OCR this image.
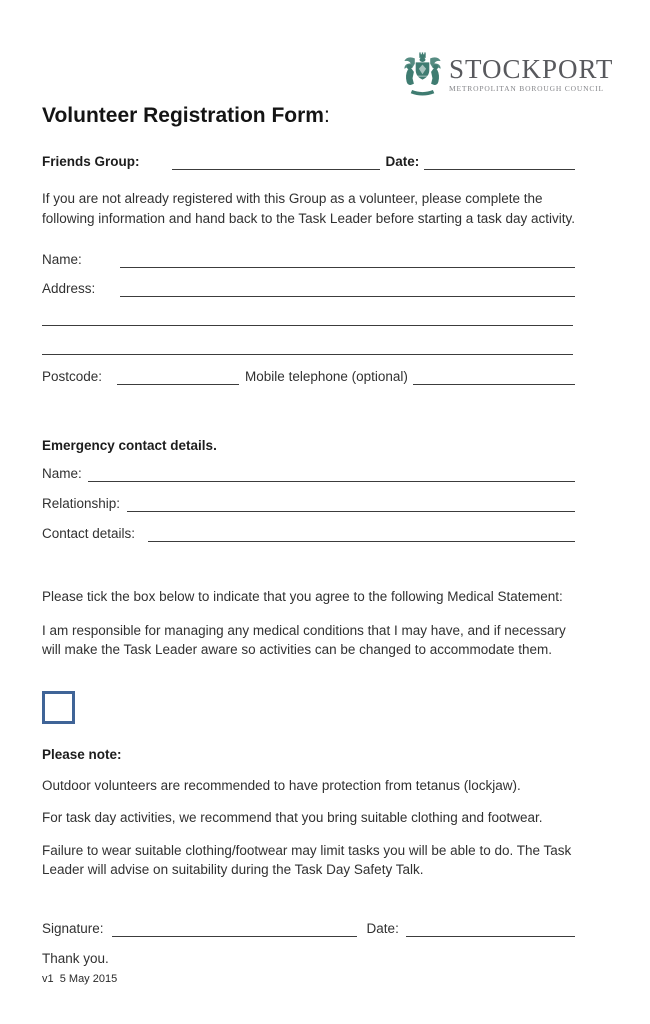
STOCKPORT
METROPOLITAN BOROUGH COUNCIL
Volunteer Registration Form:
Friends Group:	Date:
If you are not already registered with this Group as a volunteer, please complete the
following information and hand back to the Task Leader before starting a task day activity.
Name:
Address:
Postcode:	Mobile telephone (optional)
Emergency contact details.
Name:
Relationship:
Contact details:
Please tick the box below to indicate that you agree to the following Medical Statement:
I am responsible for managing any medical conditions that I may have, and if necessary
will make the Task Leader aware so activities can be changed to accommodate them.
Please note:
Outdoor volunteers are recommended to have protection from tetanus (lockjaw).
For task day activities, we recommend that you bring suitable clothing and footwear.
Failure to wear suitable clothing/footwear may limit tasks you will be able to do. The Task
Leader will advise on suitability during the Task Day Safety Talk.
Signature:	Date:
Thank you.
v1  5 May 2015
